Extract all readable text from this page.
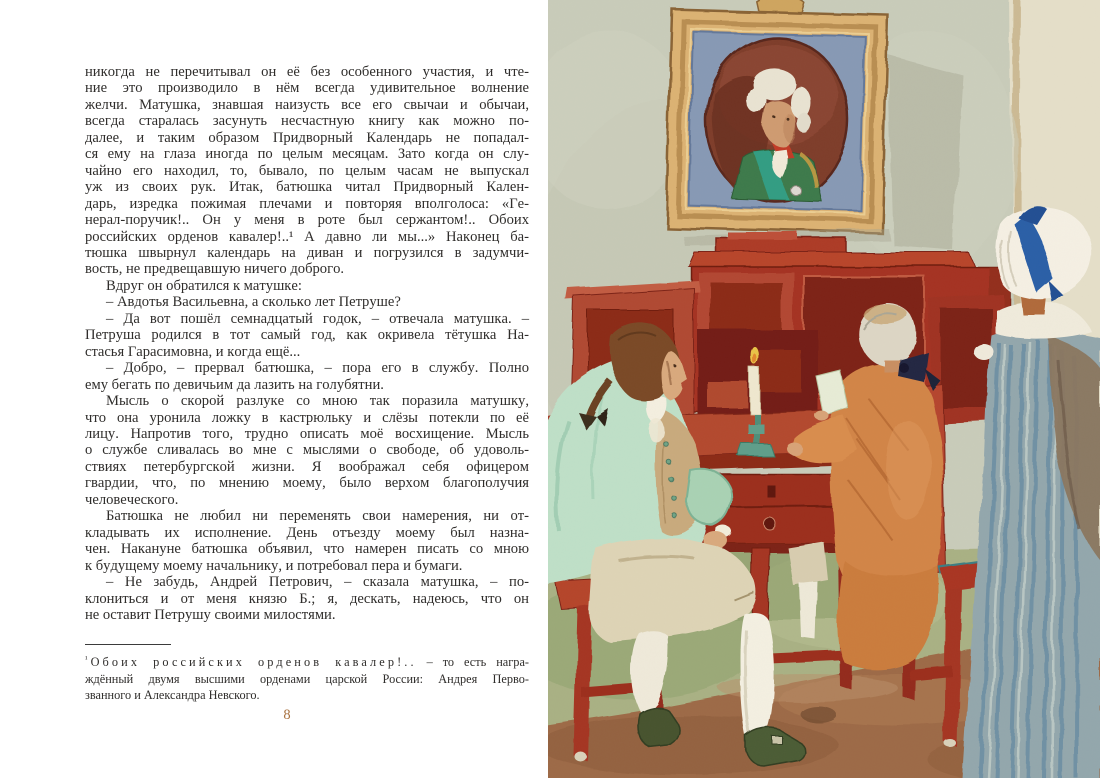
никогда не перечитывал он её без особенного участия, и чте-
ние это производило в нём всегда удивительное волнение
желчи. Матушка, знавшая наизусть все его свычаи и обычаи,
всегда старалась засунуть несчастную книгу как можно по-
далее, и таким образом Придворный Календарь не попадал-
ся ему на глаза иногда по целым месяцам. Зато когда он слу-
чайно его находил, то, бывало, по целым часам не выпускал
уж из своих рук. Итак, батюшка читал Придворный Кален-
дарь, изредка пожимая плечами и повторяя вполголоса: «Ге-
нерал-поручик!.. Он у меня в роте был сержантом!.. Обоих
российских орденов кавалер!..¹ А давно ли мы...» Наконец ба-
тюшка швырнул календарь на диван и погрузился в задумчи-
вость, не предвещавшую ничего доброго.
Вдруг он обратился к матушке:
– Авдотья Васильевна, а сколько лет Петруше?
– Да вот пошёл семнадцатый годок, – отвечала матушка. –
Петруша родился в тот самый год, как окривела тётушка На-
стасья Гарасимовна, и когда ещё...
– Добро, – прервал батюшка, – пора его в службу. Полно
ему бегать по девичьим да лазить на голубятни.
Мысль о скорой разлуке со мною так поразила матушку,
что она уронила ложку в кастрюльку и слёзы потекли по её
лицу. Напротив того, трудно описать моё восхищение. Мысль
о службе сливалась во мне с мыслями о свободе, об удоволь-
ствиях петербургской жизни. Я воображал себя офицером
гвардии, что, по мнению моему, было верхом благополучия
человеческого.
Батюшка не любил ни переменять свои намерения, ни от-
кладывать их исполнение. День отъезду моему был назна-
чен. Накануне батюшка объявил, что намерен писать со мною
к будущему моему начальнику, и потребовал пера и бумаги.
– Не забудь, Андрей Петрович, – сказала матушка, – по-
клониться и от меня князю Б.; я, дескать, надеюсь, что он
не оставит Петрушу своими милостями.
$^{^1}$ Обоих российских орденов кавалер!.. – то есть награ-
ждённый двумя высшими орденами царской России: Андрея Перво-
званного и Александра Невского.
8
